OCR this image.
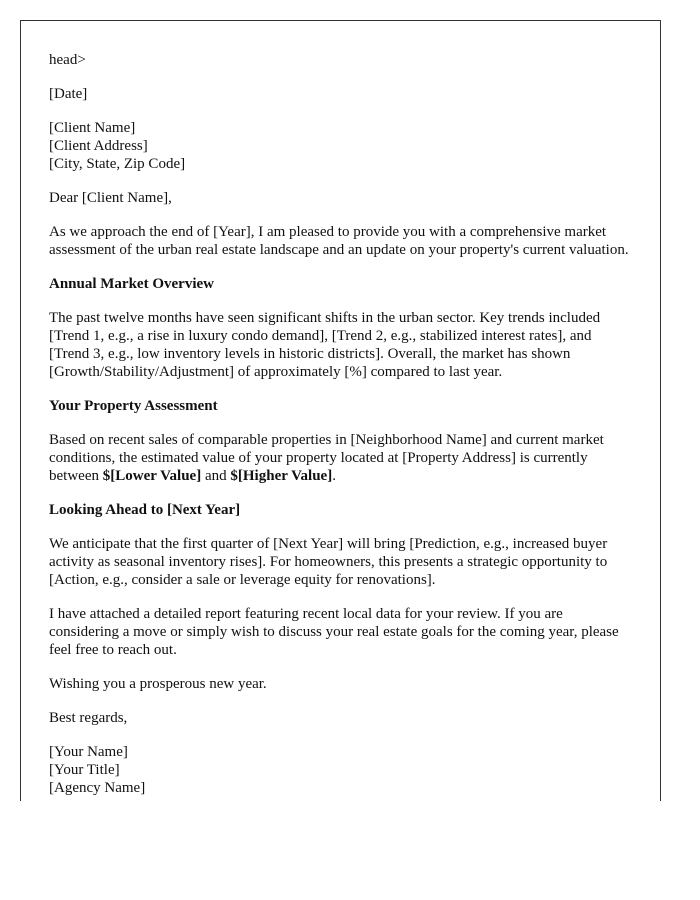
head>

[Date]

[Client Name]
[Client Address]
[City, State, Zip Code]

Dear [Client Name],

As we approach the end of [Year], I am pleased to provide you with a comprehensive market assessment of the urban real estate landscape and an update on your property's current valuation.

Annual Market Overview

The past twelve months have seen significant shifts in the urban sector. Key trends included [Trend 1, e.g., a rise in luxury condo demand], [Trend 2, e.g., stabilized interest rates], and [Trend 3, e.g., low inventory levels in historic districts]. Overall, the market has shown [Growth/Stability/Adjustment] of approximately [%] compared to last year.

Your Property Assessment

Based on recent sales of comparable properties in [Neighborhood Name] and current market conditions, the estimated value of your property located at [Property Address] is currently between $[Lower Value] and $[Higher Value].

Looking Ahead to [Next Year]

We anticipate that the first quarter of [Next Year] will bring [Prediction, e.g., increased buyer activity as seasonal inventory rises]. For homeowners, this presents a strategic opportunity to [Action, e.g., consider a sale or leverage equity for renovations].

I have attached a detailed report featuring recent local data for your review. If you are considering a move or simply wish to discuss your real estate goals for the coming year, please feel free to reach out.

Wishing you a prosperous new year.

Best regards,

[Your Name]
[Your Title]
[Agency Name]
